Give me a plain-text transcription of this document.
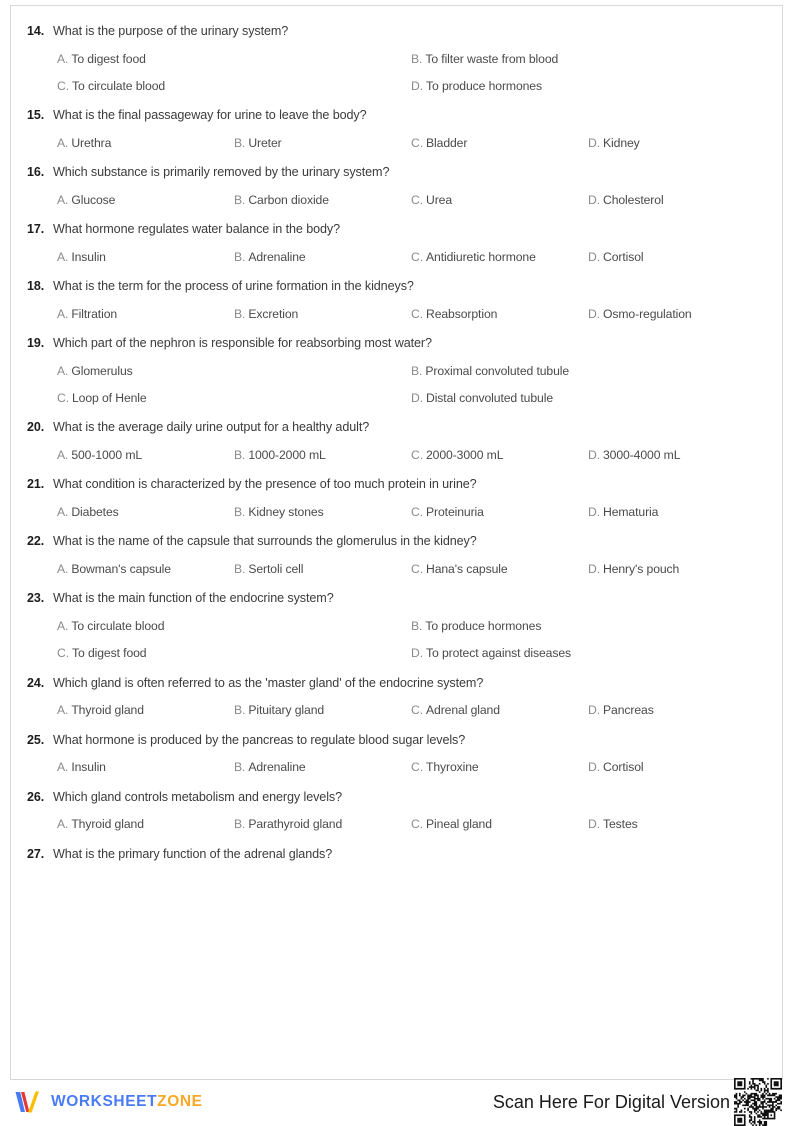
14. What is the purpose of the urinary system?
A. To digest food	B. To filter waste from blood
C. To circulate blood	D. To produce hormones
15. What is the final passageway for urine to leave the body?
A. Urethra	B. Ureter	C. Bladder	D. Kidney
16. Which substance is primarily removed by the urinary system?
A. Glucose	B. Carbon dioxide	C. Urea	D. Cholesterol
17. What hormone regulates water balance in the body?
A. Insulin	B. Adrenaline	C. Antidiuretic hormone	D. Cortisol
18. What is the term for the process of urine formation in the kidneys?
A. Filtration	B. Excretion	C. Reabsorption	D. Osmo-regulation
19. Which part of the nephron is responsible for reabsorbing most water?
A. Glomerulus	B. Proximal convoluted tubule
C. Loop of Henle	D. Distal convoluted tubule
20. What is the average daily urine output for a healthy adult?
A. 500-1000 mL	B. 1000-2000 mL	C. 2000-3000 mL	D. 3000-4000 mL
21. What condition is characterized by the presence of too much protein in urine?
A. Diabetes	B. Kidney stones	C. Proteinuria	D. Hematuria
22. What is the name of the capsule that surrounds the glomerulus in the kidney?
A. Bowman's capsule	B. Sertoli cell	C. Hana's capsule	D. Henry's pouch
23. What is the main function of the endocrine system?
A. To circulate blood	B. To produce hormones
C. To digest food	D. To protect against diseases
24. Which gland is often referred to as the 'master gland' of the endocrine system?
A. Thyroid gland	B. Pituitary gland	C. Adrenal gland	D. Pancreas
25. What hormone is produced by the pancreas to regulate blood sugar levels?
A. Insulin	B. Adrenaline	C. Thyroxine	D. Cortisol
26. Which gland controls metabolism and energy levels?
A. Thyroid gland	B. Parathyroid gland	C. Pineal gland	D. Testes
27. What is the primary function of the adrenal glands?
WORKSHEETZONE	Scan Here For Digital Version
